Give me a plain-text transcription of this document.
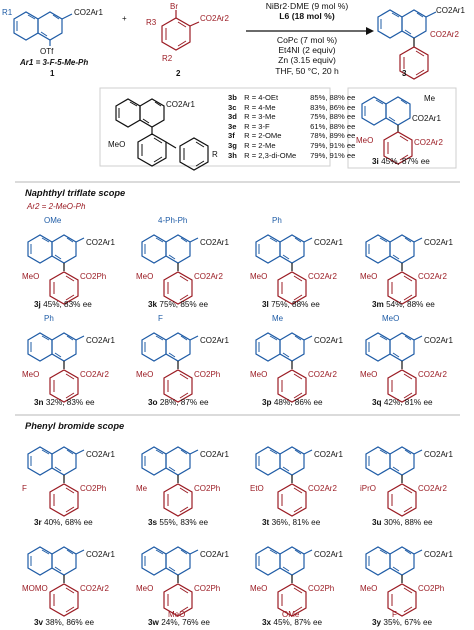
R1	CO2Ar1
OTf
Ar1 = 3-F-5-Me-Ph
1
+
Br
CO2Ar2
R3
R2
2
NiBr2·DME (9 mol %)
L6 (18 mol %)
CoPc (7 mol %)
Et4NI (2 equiv)
Zn (3.15 equiv)
THF, 50 °C, 20 h
CO2Ar1
CO2Ar2
3
CO2Ar1
MeO
R
3b R = 4-OEt	85%, 88% ee
3c R = 4-Me	83%, 86% ee
3d R = 3-Me	75%, 88% ee
3e R = 3-F	61%, 88% ee
3f R = 2-OMe	78%, 89% ee
3g R = 2-Me	79%, 91% ee
3h R = 2,3-di-OMe 79%, 91% ee
Me
CO2Ar1
MeO	CO2Ar2
3i 45%, 87% ee
Naphthyl triflate scope
Ar2 = 2-MeO-Ph
Phenyl bromide scope
OMe
CO2Ar1
MeO	CO2Ph
3j 45%, 83% ee
4-Ph-Ph
CO2Ar1
MeO	CO2Ar2
3k 75%, 85% ee
Ph
CO2Ar1
MeO	CO2Ar2
3l 75%, 88% ee
CO2Ar1
MeO	CO2Ar2
3m 54%, 88% ee
Ph
CO2Ar1
MeO	CO2Ar2
3n 32%, 83% ee
F
CO2Ar1
MeO	CO2Ph
3o 28%, 87% ee
Me
CO2Ar1
MeO	CO2Ar2
3p 48%, 86% ee
MeO
CO2Ar1
MeO	CO2Ar2
3q 42%, 81% ee
CO2Ar1
F	CO2Ph
3r 40%, 68% ee
CO2Ar1
Me	CO2Ph
3s 55%, 83% ee
CO2Ar1
EtO	CO2Ar2
3t 36%, 81% ee
CO2Ar1
iPrO	CO2Ar2
3u 30%, 88% ee
CO2Ar1
MOMO	CO2Ar2
3v 38%, 86% ee
CO2Ar1
MeO	CO2Ph
MeO
3w 24%, 76% ee
CO2Ar1
MeO	CO2Ph
OMe
3x 45%, 87% ee
CO2Ar1
MeO	CO2Ph
F
3y 35%, 67% ee
